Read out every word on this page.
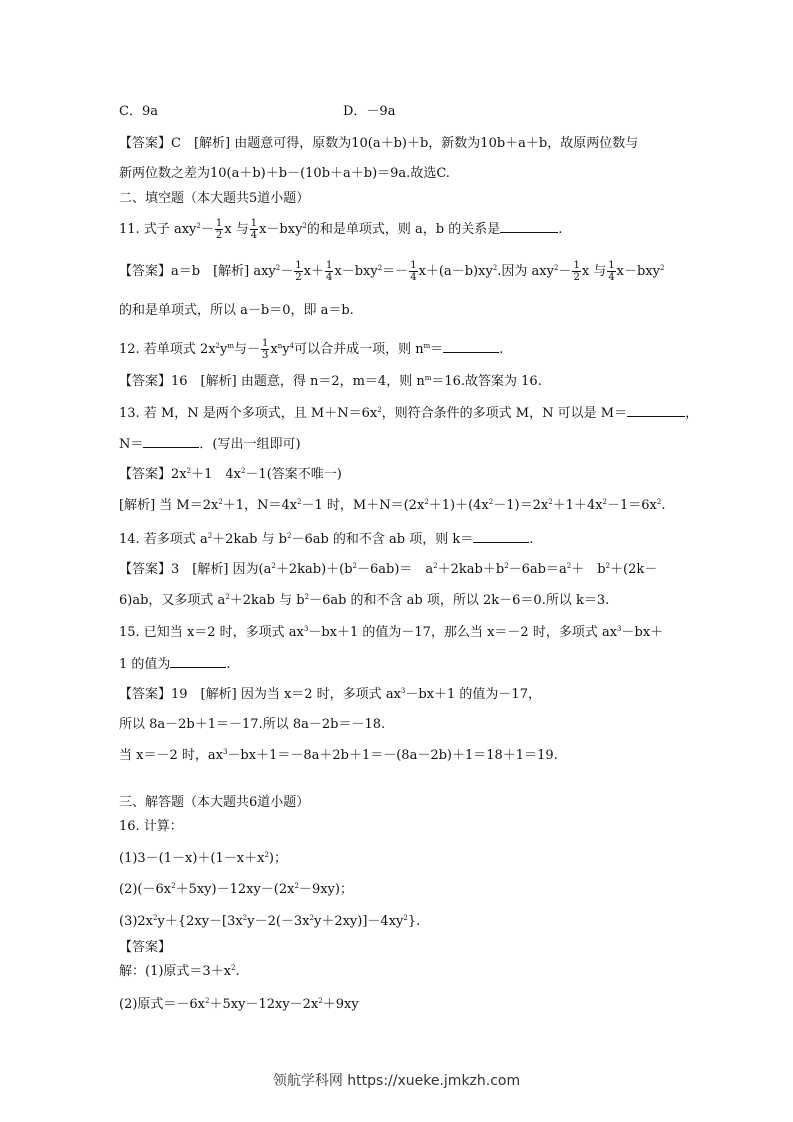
C．9a	D．－9a
【答案】C　[解析] 由题意可得，原数为10(a＋b)＋b，新数为10b＋a＋b，故原两位数与
新两位数之差为10(a＋b)＋b－(10b＋a＋b)＝9a.故选C.
二、填空题（本大题共5道小题）
11. 式子 $axy^2- \frac{1}{2}$ x 与 $\frac{1}{4} x-bxy^2$的和是单项式，则 a，b 的关系是	.
【答案】a＝b　[解析] $axy^2- \frac{1}{2} x+ \frac{1}{4} x-bxy^2=- \frac{1}{4} x+(a-b)xy^2$.因为 $axy^2- \frac{1}{2}$ x 与 $\frac{1}{4} x-bxy^2$
的和是单项式，所以 a－b＝0，即 a＝b.
12. 若单项式 $2x^2y^m$与－ $\frac{1}{3} x^ny^4$可以合并成一项，则 $n^m=$	.
【答案】16　[解析] 由题意，得 n＝2，m＝4，则 $n^m=16$.故答案为 16.
13. 若 M，N 是两个多项式，且 $M+N=6x^2$，则符合条件的多项式 M，N 可以是 M＝	，
N＝	．(写出一组即可)
【答案】$2x^2+1$　$4x^2-1$(答案不唯一)
[解析] 当 $M=2x^2+1$，$N=4x^2-1$ 时，$M+N=(2x^2+1)+(4x^2-1)=2x^2+1+4x^2-1=6x^2$.
14. 若多项式 $a^2+2kab$ 与 $b^2-6ab$ 的和不含 ab 项，则 k＝	.
【答案】3　[解析] 因为$(a^2+2kab)+(b^2-6ab)=$　$a^2+2kab+b^2-6ab=a^2+$　$b^2+(2k-$
6)ab，又多项式 $a^2+2kab$ 与 $b^2-6ab$ 的和不含 ab 项，所以 2k－6＝0.所以 k＝3.
15. 已知当 x＝2 时，多项式 $ax^3-bx+1$ 的值为－17，那么当 x＝－2 时，多项式 $ax^3-bx+$
1 的值为	.
【答案】19　[解析] 因为当 x＝2 时，多项式 $ax^3-bx+1$ 的值为－17，
所以 8a－2b＋1＝－17.所以 8a－2b＝－18.
当 x＝－2 时，$ax^3-bx+1=-8a+2b+1=-(8a-2b)+1=18+1=19$.
三、解答题（本大题共6道小题）
16. 计算：
$(1)3-(1-x)+(1-x+x^2)$；
$(2)(-6x^2+5xy)-12xy-(2x^2-9xy)$；
$(3)2x^2y+\{2xy-[3x^2y-2(-3x^2y+2xy)]-4xy^2\}$.
【答案】
解：(1)原式$=3+x^2$.
(2)原式$=-6x^2+5xy-12xy-2x^2+9xy$
领航学科网 https://xueke.jmkzh.com
